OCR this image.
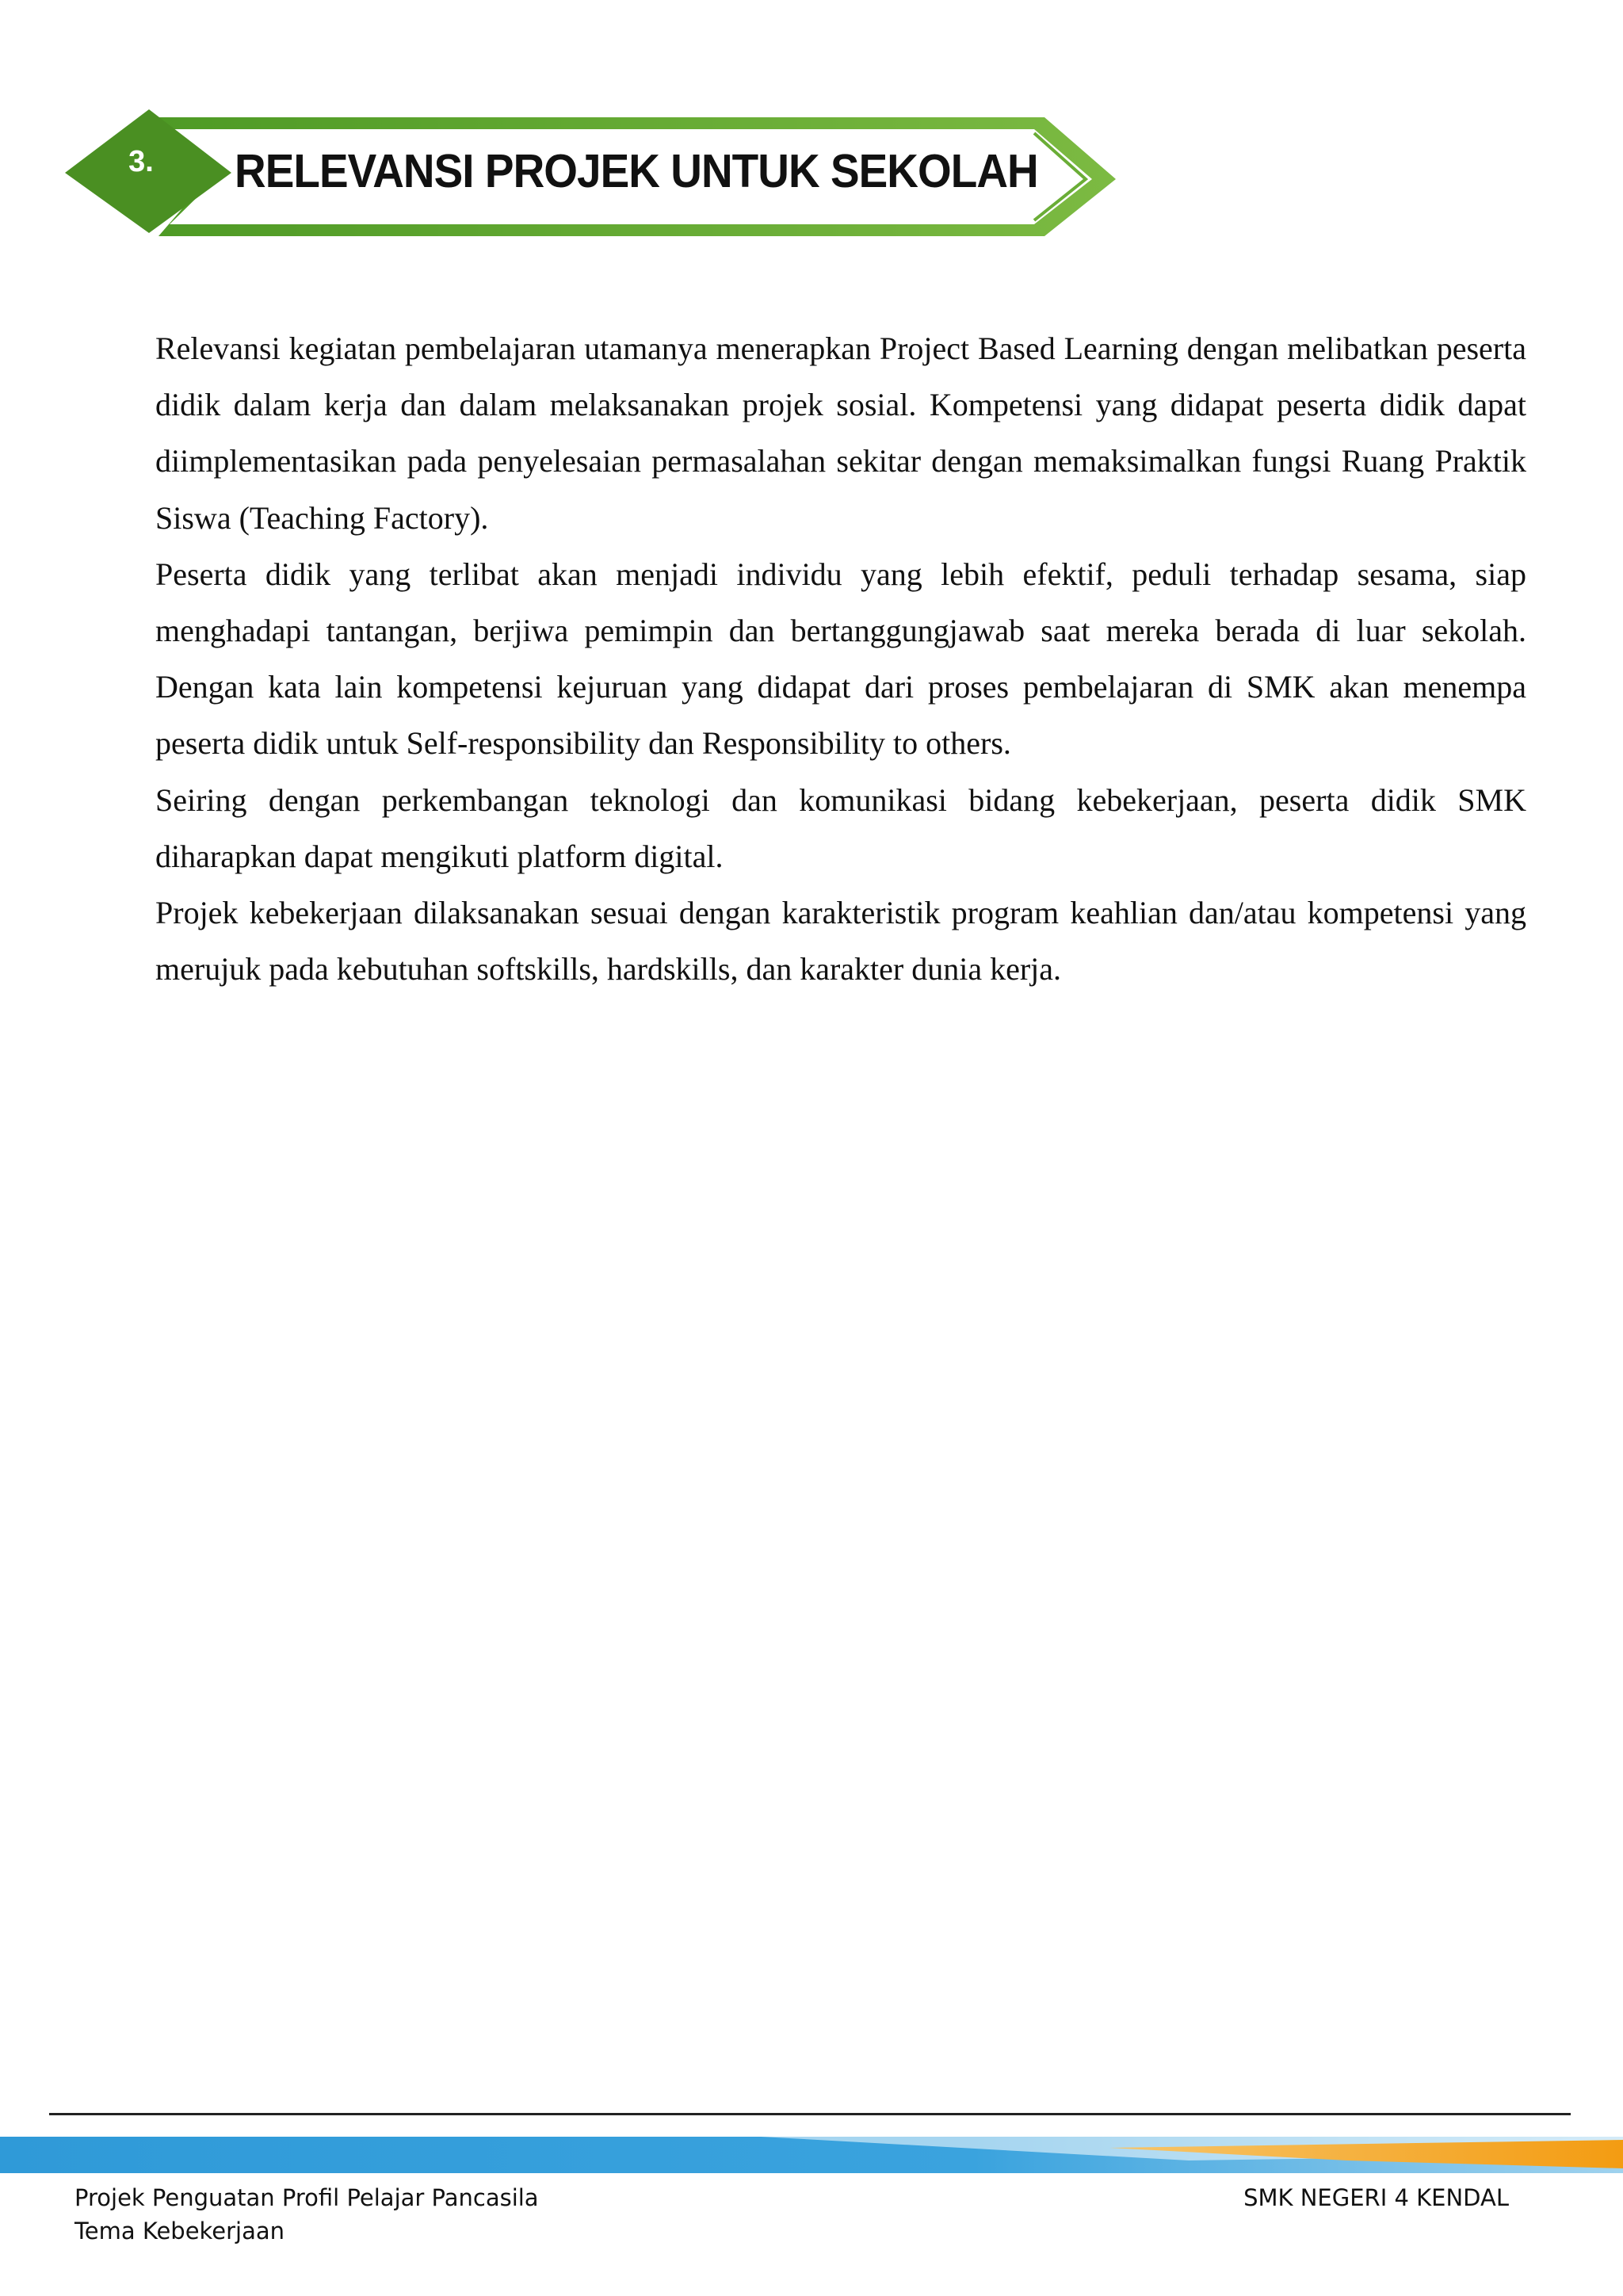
3. RELEVANSI PROJEK UNTUK SEKOLAH

Relevansi kegiatan pembelajaran utamanya menerapkan Project Based Learning dengan melibatkan peserta didik dalam kerja dan dalam melaksanakan projek sosial. Kompetensi yang didapat peserta didik dapat diimplementasikan pada penyelesaian permasalahan sekitar dengan memaksimalkan fungsi Ruang Praktik Siswa (Teaching Factory).

Peserta didik yang terlibat akan menjadi individu yang lebih efektif, peduli terhadap sesama, siap menghadapi tantangan, berjiwa pemimpin dan bertanggungjawab saat mereka berada di luar sekolah. Dengan kata lain kompetensi kejuruan yang didapat dari proses pembelajaran di SMK akan menempa peserta didik untuk Self-responsibility dan Responsibility to others.

Seiring dengan perkembangan teknologi dan komunikasi bidang kebekerjaan, peserta didik SMK diharapkan dapat mengikuti platform digital.

Projek kebekerjaan dilaksanakan sesuai dengan karakteristik program keahlian dan/atau kompetensi yang merujuk pada kebutuhan softskills, hardskills, dan karakter dunia kerja.

Projek Penguatan Profil Pelajar Pancasila
Tema Kebekerjaan
SMK NEGERI 4 KENDAL
